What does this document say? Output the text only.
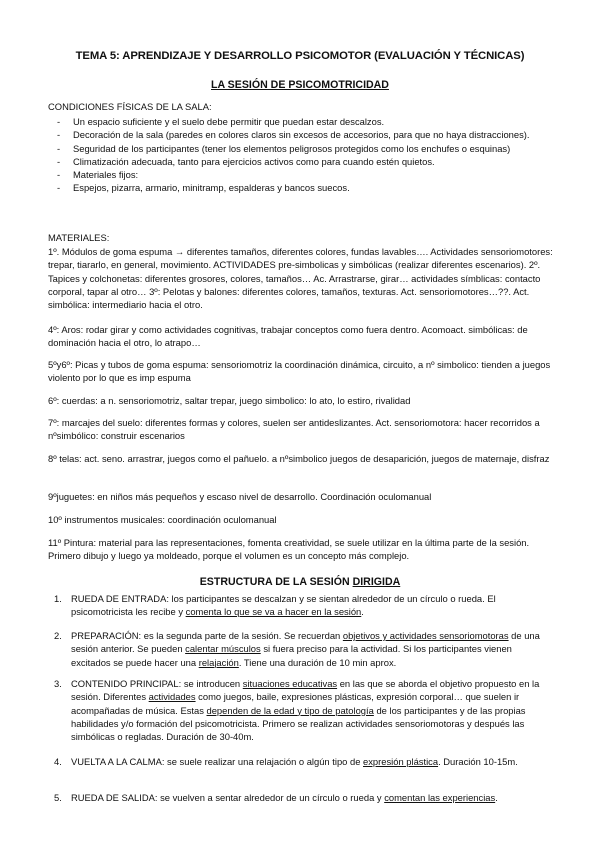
TEMA 5: APRENDIZAJE Y DESARROLLO PSICOMOTOR (EVALUACIÓN Y TÉCNICAS)
LA SESIÓN DE PSICOMOTRICIDAD
CONDICIONES FÍSICAS DE LA SALA:
- Un espacio suficiente y el suelo debe permitir que puedan estar descalzos.
- Decoración de la sala (paredes en colores claros sin excesos de accesorios, para que no haya distracciones).
- Seguridad de los participantes (tener los elementos peligrosos protegidos como los enchufes o esquinas)
- Climatización adecuada, tanto para ejercicios activos como para cuando estén quietos.
- Materiales fijos:
- Espejos, pizarra, armario, minitramp, espalderas y bancos suecos.
MATERIALES:
1º. Módulos de goma espuma → diferentes tamaños, diferentes colores, fundas lavables…. Actividades sensoriomotores: trepar, tiararlo, en general, movimiento. ACTIVIDADES pre-simbolicas y simbólicas (realizar diferentes escenarios). 2º. Tapices y colchonetas: diferentes grosores, colores, tamaños… Ac. Arrastrarse, girar… actividades símblicas: contacto corporal, tapar al otro… 3º: Pelotas y balones: diferentes colores, tamaños, texturas. Act. sensoriomotores…??. Act. simbólica: intermediario hacia el otro.
4º: Aros: rodar girar y como actividades cognitivas, trabajar conceptos como fuera dentro. Acomoact. simbólicas: de dominación hacia el otro, lo atrapo…
5ºy6º: Picas y tubos de goma espuma: sensoriomotriz la coordinación dinámica, circuito, a nº simbolico: tienden a juegos violento por lo que es imp espuma
6º: cuerdas: a n. sensoriomotriz, saltar trepar, juego simbolico: lo ato, lo estiro, rivalidad
7º: marcajes del suelo: diferentes formas y colores, suelen ser antideslizantes. Act. sensoriomotora: hacer recorridos a nºsimbólico: construir escenarios
8º telas: act. seno. arrastrar, juegos como el pañuelo. a nºsimbolico juegos de desaparición, juegos de maternaje, disfraz
9ºjuguetes: en niños más pequeños y escaso nivel de desarrollo. Coordinación oculomanual
10º instrumentos musicales: coordinación oculomanual
11º Pintura: material para las representaciones, fomenta creatividad, se suele utilizar en la última parte de la sesión. Primero dibujo y luego ya moldeado, porque el volumen es un concepto más complejo.
ESTRUCTURA DE LA SESIÓN DIRIGIDA
1. RUEDA DE ENTRADA: los participantes se descalzan y se sientan alrededor de un círculo o rueda. El psicomotricista les recibe y comenta lo que se va a hacer en la sesión.
2. PREPARACIÓN: es la segunda parte de la sesión. Se recuerdan objetivos y actividades sensoriomotoras de una sesión anterior. Se pueden calentar músculos si fuera preciso para la actividad. Si los participantes vienen excitados se puede hacer una relajación. Tiene una duración de 10 min aprox.
3. CONTENIDO PRINCIPAL: se introducen situaciones educativas en las que se aborda el objetivo propuesto en la sesión. Diferentes actividades como juegos, baile, expresiones plásticas, expresión corporal… que suelen ir acompañadas de música. Estas dependen de la edad y tipo de patología de los participantes y de las propias habilidades y/o formación del psicomotricista. Primero se realizan actividades sensoriomotoras y después las simbólicas o regladas. Duración de 30-40m.
4. VUELTA A LA CALMA: se suele realizar una relajación o algún tipo de expresión plástica. Duración 10-15m.
5. RUEDA DE SALIDA: se vuelven a sentar alrededor de un círculo o rueda y comentan las experiencias.
